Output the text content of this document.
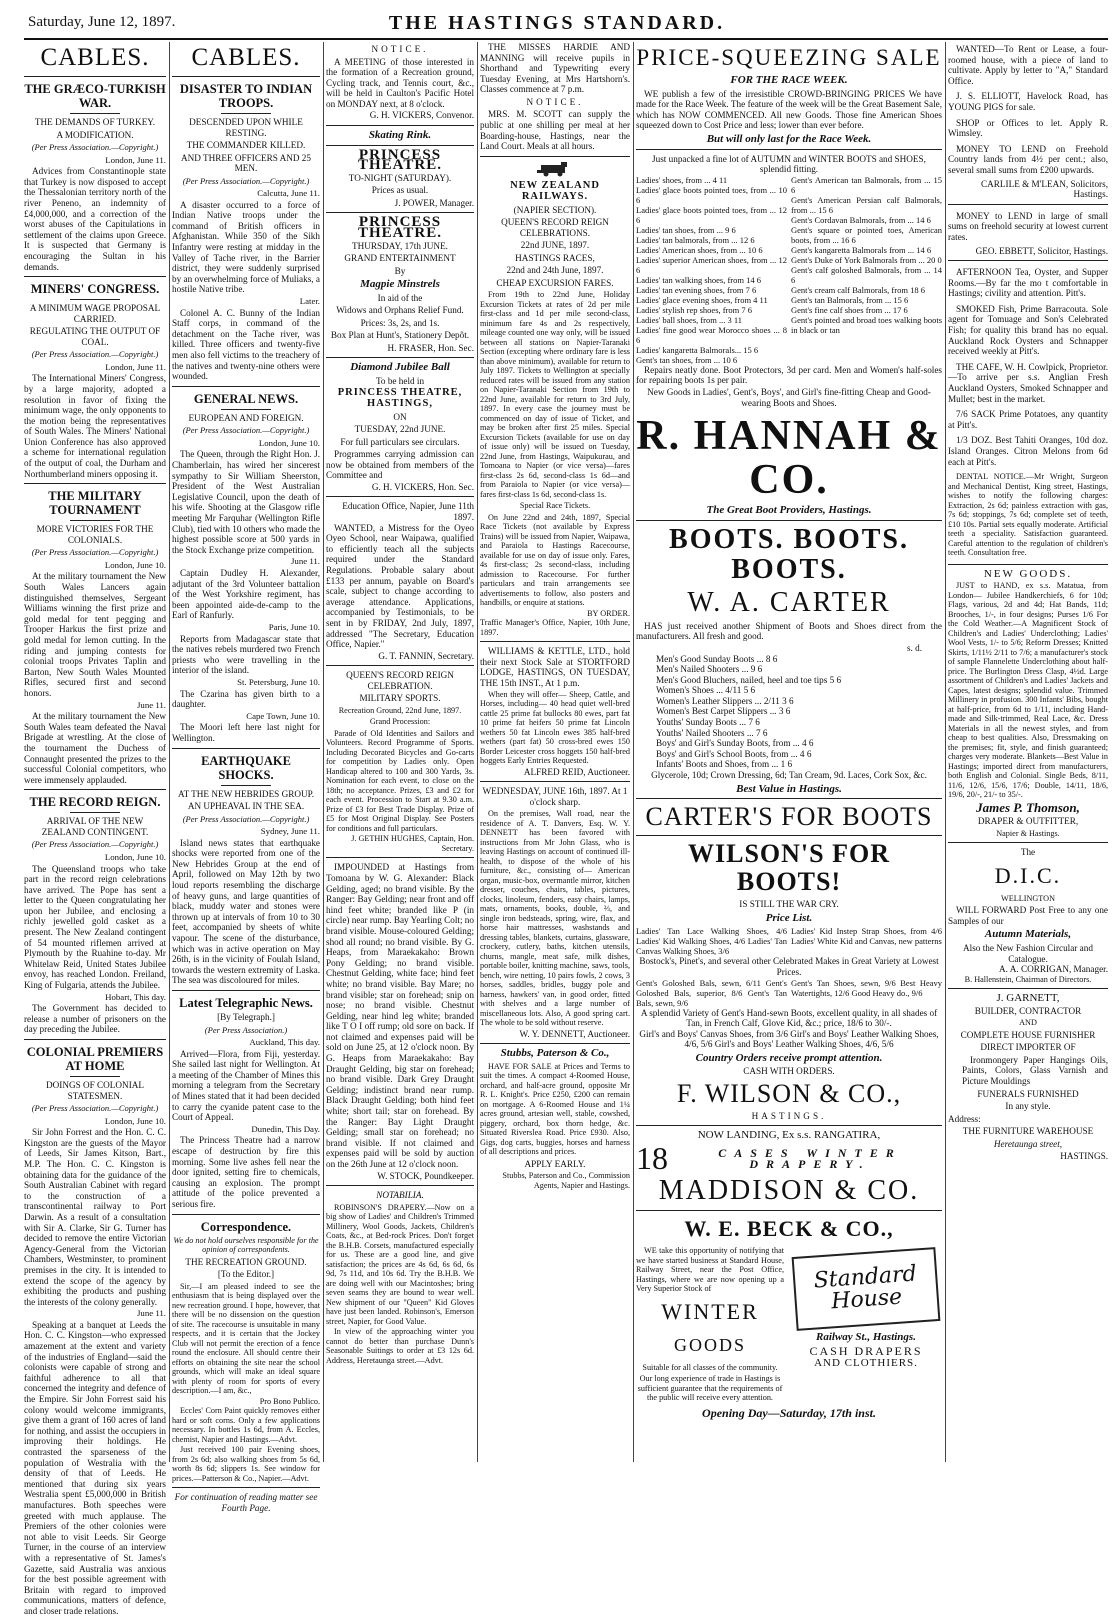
Saturday, June 12, 1897.	THE HASTINGS STANDARD.
CABLES.
THE GRÆCO-TURKISH WAR.
THE DEMANDS OF TURKEY.
A MODIFICATION.
(Per Press Association.—Copyright.)
London, June 11.
Advices from Constantinople state that Turkey is now disposed to accept the Thessalonian territory north of the river Peneno, an indemnity of £4,000,000, and a correction of the worst abuses of the Capitulations in settlement of the claims upon Greece. It is suspected that Germany is encouraging the Sultan in his demands.
MINERS' CONGRESS.
A MINIMUM WAGE PROPOSAL CARRIED.
REGULATING THE OUTPUT OF COAL.
(Per Press Association.—Copyright.)
London, June 11.
The International Miners' Congress, by a large majority, adopted a resolution in favor of fixing the minimum wage, the only opponents to the motion being the representatives of South Wales. The Miners' National Union Conference has also approved a scheme for international regulation of the output of coal, the Durham and Northumberland miners opposing it.
THE MILITARY TOURNAMENT
MORE VICTORIES FOR THE COLONIALS.
(Per Press Association.—Copyright.)
London, June 10.
At the military tournament the New South Wales Lancers again distinguished themselves, Sergeant Williams winning the first prize and gold medal for tent pegging and Trooper Harkus the first prize and gold medal for lemon cutting. In the riding and jumping contests for colonial troops Privates Taplin and Barton, New South Wales Mounted Rifles, secured first and second honors.
June 11.
At the military tournament the New South Wales team defeated the Naval Brigade at wrestling. At the close of the tournament the Duchess of Connaught presented the prizes to the successful Colonial competitors, who were immensely applauded.
THE RECORD REIGN.
ARRIVAL OF THE NEW ZEALAND CONTINGENT.
(Per Press Association.—Copyright.)
London, June 10.
The Queensland troops who take part in the record reign celebrations have arrived. The Pope has sent a letter to the Queen congratulating her upon her Jubilee, and enclosing a richly jewelled gold casket as a present. The New Zealand contingent of 54 mounted riflemen arrived at Plymouth by the Ruahine to-day. Mr Whitelaw Reid, United States Jubilee envoy, has reached London. Freiland, King of Fulgaria, attends the Jubilee.
Hobart, This day.
The Government has decided to release a number of prisoners on the day preceding the Jubilee.
COLONIAL PREMIERS AT HOME
DOINGS OF COLONIAL STATESMEN.
(Per Press Association.—Copyright.)
London, June 10.
Sir John Forrest and the Hon. C. C. Kingston are the guests of the Mayor of Leeds, Sir James Kitson, Bart., M.P. The Hon. C. C. Kingston is obtaining data for the guidance of the South Australian Cabinet with regard to the construction of a transcontinental railway to Port Darwin. As a result of a consultation with Sir A. Clarke, Sir G. Turner has decided to remove the entire Victorian Agency-General from the Victorian Chambers, Westminster, to prominent premises in the city. It is intended to extend the scope of the agency by exhibiting the products and pushing the interests of the colony generally.
June 11.
Speaking at a banquet at Leeds the Hon. C. C. Kingston—who expressed amazement at the extent and variety of the industries of England—said the colonists were capable of strong and faithful adherence to all that concerned the integrity and defence of the Empire. Sir John Forrest said his colony would welcome immigrants, give them a grant of 160 acres of land for nothing, and assist the occupiers in improving their holdings. He contrasted the sparseness of the population of Westralia with the density of that of Leeds. He mentioned that during six years Westralia spent £5,000,000 in British manufactures. Both speeches were greeted with much applause. The Premiers of the other colonies were not able to visit Leeds. Sir George Turner, in the course of an interview with a representative of St. James's Gazette, said Australia was anxious for the best possible agreement with Britain with regard to improved communications, matters of defence, and closer trade relations.
CABLES.
DISASTER TO INDIAN TROOPS.
DESCENDED UPON WHILE RESTING.
THE COMMANDER KILLED.
AND THREE OFFICERS AND 25 MEN.
(Per Press Association.—Copyright.)
Calcutta, June 11.
A disaster occurred to a force of Indian Native troops under the command of British officers in Afghanistan. While 350 of the Sikh Infantry were resting at midday in the Valley of Tache river, in the Barrier district, they were suddenly surprised by an overwhelming force of Muliaks, a hostile Native tribe.
Later.
Colonel A. C. Bunny of the Indian Staff corps, in command of the detachment on the Tache river, was killed. Three officers and twenty-five men also fell victims to the treachery of the natives and twenty-nine others were wounded.
GENERAL NEWS.
EUROPEAN AND FOREIGN.
(Per Press Association.—Copyright.)
London, June 10.
The Queen, through the Right Hon. J. Chamberlain, has wired her sincerest sympathy to Sir William Sheerston, President of the West Australian Legislative Council, upon the death of his wife. Shooting at the Glasgow rifle meeting Mr Farquhar (Wellington Rifle Club), tied with 10 others who made the highest possible score at 500 yards in the Stock Exchange prize competition.
June 11.
Captain Dudley H. Alexander, adjutant of the 3rd Volunteer battalion of the West Yorkshire regiment, has been appointed aide-de-camp to the Earl of Ranfurly.
Paris, June 10.
Reports from Madagascar state that the natives rebels murdered two French priests who were travelling in the interior of the island.
St. Petersburg, June 10.
The Czarina has given birth to a daughter.
Cape Town, June 10.
The Moori left here last night for Wellington.
EARTHQUAKE SHOCKS.
AT THE NEW HEBRIDES GROUP.
AN UPHEAVAL IN THE SEA.
(Per Press Association.—Copyright.)
Sydney, June 11.
Island news states that earthquake shocks were reported from one of the New Hebrides Group at the end of April, followed on May 12th by two loud reports resembling the discharge of heavy guns, and large quantities of black, muddy water and stones were thrown up at intervals of from 10 to 30 feet, accompanied by sheets of white vapour. The scene of the disturbance, which was in active operation on May 26th, is in the vicinity of Foulah Island, towards the western extremity of Laska. The sea was discoloured for miles.
Latest Telegraphic News.
[By Telegraph.]
(Per Press Association.)
Auckland, This day.
Arrived—Flora, from Fiji, yesterday. She sailed last night for Wellington. At a meeting of the Chamber of Mines this morning a telegram from the Secretary of Mines stated that it had been decided to carry the cyanide patent case to the Court of Appeal.
Dunedin, This Day.
The Princess Theatre had a narrow escape of destruction by fire this morning. Some live ashes fell near the door ignited, setting fire to chemicals, causing an explosion. The prompt attitude of the police prevented a serious fire.
Correspondence.
We do not hold ourselves responsible for the opinion of correspondents.
THE RECREATION GROUND.
[To the Editor.]
Sir,—I am pleased indeed to see the enthusiasm that is being displayed over the new recreation ground. I hope, however, that there will be no dissension on the question of site. The racecourse is unsuitable in many respects, and it is certain that the Jockey Club will not permit the erection of a fence round the enclosure. All should centre their efforts on obtaining the site near the school grounds, which will make an ideal square with plenty of room for sports of every description.—I am, &c.,
Pro Bono Publico.
Eccles' Corn Paint quickly removes either hard or soft corns. Only a few applications necessary. In bottles 1s 6d, from A. Eccles, chemist, Napier and Hastings.—Advt.
Just received 100 pair Evening shoes, from 2s 6d; also walking shoes from 5s 6d, worth 8s 6d; slippers 1s. See window for prices.—Patterson & Co., Napier.—Advt.
For continuation of reading matter see Fourth Page.
NOTICE.
A MEETING of those interested in the formation of a Recreation ground, Cycling track, and Tennis court, &c., will be held in Caulton's Pacific Hotel on MONDAY next, at 8 o'clock.
G. H. VICKERS, Convenor.
Skating Rink.
PRINCESS THEATRE.
TO-NIGHT (SATURDAY).
Prices as usual.
J. POWER, Manager.
PRINCESS THEATRE.
THURSDAY, 17th JUNE.
GRAND ENTERTAINMENT
By
Magpie Minstrels
In aid of the
Widows and Orphans Relief Fund.
Prices: 3s, 2s, and 1s.
Box Plan at Hunt's, Stationery Depôt.
H. FRASER, Hon. Sec.
Diamond Jubilee Ball
To be held in
PRINCESS THEATRE, HASTINGS,
ON
TUESDAY, 22nd JUNE.
For full particulars see circulars.
Programmes carrying admission can now be obtained from members of the Committee and
G. H. VICKERS, Hon. Sec.
Education Office, Napier, June 11th 1897.
WANTED, a Mistress for the Oyeo Oyeo School, near Waipawa, qualified to efficiently teach all the subjects required under the Standard Regulations. Probable salary about £133 per annum, payable on Board's scale, subject to change according to average attendance. Applications, accompanied by Testimonials, to be sent in by FRIDAY, 2nd July, 1897, addressed "The Secretary, Education Office, Napier."
G. T. FANNIN, Secretary.
QUEEN'S RECORD REIGN CELEBRATION.
MILITARY SPORTS.
Recreation Ground, 22nd June, 1897.
Grand Procession:
Parade of Old Identities and Sailors and Volunteers. Record Programme of Sports. Including Decorated Bicycles and Go-carts for competition by Ladies only. Open Handicap altered to 100 and 300 Yards, 3s. Nomination for each event, to close on the 18th; no acceptance. Prizes, £3 and £2 for each event. Procession to Start at 9.30 a.m. Prize of £3 for Best Trade Display. Prize of £5 for Most Original Display. See Posters for conditions and full particulars.
J. GETHIN HUGHES, Captain, Hon. Secretary.
IMPOUNDED at Hastings from Tomoana by W. G. Alexander: Black Gelding, aged; no brand visible. By the Ranger: Bay Gelding; near front and off hind feet white; branded like P (in circle) near rump. Bay Yearling Colt; no brand visible. Mouse-coloured Gelding; shod all round; no brand visible. By G. Heaps, from Maraekakaho: Brown Pony Gelding; no brand visible. Chestnut Gelding, white face; hind feet white; no brand visible. Bay Mare; no brand visible; star on forehead; snip on nose; no brand visible. Chestnut Gelding, near hind leg white; branded like T O I off rump; old sore on back. If not claimed and expenses paid will be sold on June 25, at 12 o'clock noon. By G. Heaps from Maraekakaho: Bay Draught Gelding, big star on forehead; no brand visible. Dark Grey Draught Gelding; indistinct brand near rump. Black Draught Gelding; both hind feet white; short tail; star on forehead. By the Ranger: Bay Light Draught Gelding; small star on forehead; no brand visible. If not claimed and expenses paid will be sold by auction on the 26th June at 12 o'clock noon.
W. STOCK, Poundkeeper.
NOTABILIA.
ROBINSON'S DRAPERY.—Now on a big show of Ladies' and Children's Trimmed Millinery, Wool Goods, Jackets, Children's Coats, &c., at Bed-rock Prices. Don't forget the B.H.B. Corsets, manufactured especially for us. These are a good line, and give satisfaction; the prices are 4s 6d, 6s 6d, 6s 9d, 7s 11d, and 10s 6d. Try the B.H.B. We are doing well with our Macintoshes; bring seven seams they are bound to wear well. New shipment of our "Queen" Kid Gloves have just been landed. Robinson's, Emerson street, Napier, for Good Value.
In view of the approaching winter you cannot do better than purchase Dunn's Seasonable Suitings to order at £3 12s 6d. Address, Heretaunga street.—Advt.
THE MISSES HARDIE AND MANNING will receive pupils in Shorthand and Typewriting every Tuesday Evening, at Mrs Hartshorn's. Classes commence at 7 p.m.
NOTICE.
MRS. M. SCOTT can supply the public at one shilling per meal at her Boarding-house, Hastings, near the Land Court. Meals at all hours.
NEW ZEALAND RAILWAYS.
(NAPIER SECTION).
QUEEN'S RECORD REIGN CELEBRATIONS.
22nd JUNE, 1897.
HASTINGS RACES,
22nd and 24th June, 1897.
CHEAP EXCURSION FARES.
From 19th to 22nd June, Holiday Excursion Tickets at rates of 2d per mile first-class and 1d per mile second-class, minimum fare 4s and 2s respectively, mileage counted one way only, will be issued between all stations on Napier-Taranaki Section (excepting where ordinary fare is less than above minimum), available for return to July 1897. Tickets to Wellington at specially reduced rates will be issued from any station on Napier-Taranaki Section from 19th to 22nd June, available for return to 3rd July, 1897. In every case the journey must be commenced on day of issue of Ticket, and may be broken after first 25 miles. Special Excursion Tickets (available for use on day of issue only) will be issued on Tuesday, 22nd June, from Hastings, Waipukurau, and Tomoana to Napier (or vice versa)—fares first-class 2s 6d, second-class 1s 6d—and from Paraiola to Napier (or vice versa)—fares first-class 1s 6d, second-class 1s.
Special Race Tickets.
On June 22nd and 24th, 1897, Special Race Tickets (not available by Express Trains) will be issued from Napier, Waipawa, and Paraiola to Hastings Racecourse, available for use on day of issue only. Fares, 4s first-class; 2s second-class, including admission to Racecourse. For further particulars and train arrangements see advertisements to follow, also posters and handbills, or enquire at stations.
BY ORDER.
Traffic Manager's Office, Napier, 10th June, 1897.
WILLIAMS & KETTLE, LTD., hold their next Stock Sale at STORTFORD LODGE, HASTINGS, ON TUESDAY, THE 15th INST., At 1 p.m.
When they will offer— Sheep, Cattle, and Horses, including— 40 head quiet well-bred cattle 25 prime fat bullocks 80 ewes, part fat 10 prime fat heifers 50 prime fat Lincoln wethers 50 fat Lincoln ewes 385 half-bred wethers (part fat) 50 cross-bred ewes 150 Border Leicester cross hoggets 150 half-bred hoggets Early Entries Requested.
ALFRED REID, Auctioneer.
WEDNESDAY, JUNE 16th, 1897. At 1 o'clock sharp.
On the premises, Wall road, near the residence of A. T. Danvers, Esq. W. Y. DENNETT has been favored with instructions from Mr John Glass, who is leaving Hastings on account of continued ill-health, to dispose of the whole of his furniture, &c., consisting of— American organ, music-box, overmantle mirror, kitchen dresser, couches, chairs, tables, pictures, clocks, linoleum, fenders, easy chairs, lamps, mats, ornaments, books, double, ⅔, and single iron bedsteads, spring, wire, flax, and horse hair mattresses, washstands and dressing tables, blankets, curtains, glassware, crockery, cutlery, baths, kitchen utensils, churns, mangle, meat safe, milk dishes, portable boiler, knitting machine, saws, tools, bench, wire netting, 10 pairs fowls, 2 cows, 3 horses, saddles, bridles, buggy pole and harness, hawkers' van, in good order, fitted with shelves and a large number of miscellaneous lots. Also, A good spring cart. The whole to be sold without reserve.
W. Y. DENNETT, Auctioneer.
Stubbs, Paterson & Co.,
HAVE FOR SALE at Prices and Terms to suit the times. A compact 4-Roomed House, orchard, and half-acre ground, opposite Mr R. L. Knight's. Price £250, £200 can remain on mortgage. A 6-Roomed House and 1¼ acres ground, artesian well, stable, cowshed, piggery, orchard, box thorn hedge, &c. Situated Riverslea Road. Price £930. Also, Gigs, dog carts, buggies, horses and harness of all descriptions and prices.
APPLY EARLY.
Stubbs, Paterson and Co., Commission Agents, Napier and Hastings.
PRICE-SQUEEZING SALE
FOR THE RACE WEEK.
WE publish a few of the irresistible CROWD-BRINGING PRICES We have made for the Race Week. The feature of the week will be the Great Basement Sale, which has NOW COMMENCED. All new Goods. Those fine American Shoes squeezed down to Cost Price and less; lower than ever before.
But will only last for the Race Week.
Just unpacked a fine lot of AUTUMN and WINTER BOOTS and SHOES, splendid fitting.
Ladies' shoes, from ... 4 11
Ladies' glace boots pointed toes, from ... 10 6
Ladies' glace boots pointed toes, from ... 12 6
Ladies' tan shoes, from ... 9 6
Ladies' tan balmorals, from ... 12 6
Ladies' American shoes, from ... 10 6
Ladies' superior American shoes, from ... 12 6
Ladies' tan walking shoes, from 14 6
Ladies' tan evening shoes, from 7 6
Ladies' glace evening shoes, from 4 11
Ladies' stylish rep shoes, from 7 6
Ladies' ball shoes, from ... 3 11
Ladies' fine good wear Morocco shoes ... 8 6
Ladies' kangaretta Balmorals... 15 6
Gent's tan shoes, from ... 10 6
Gent's American tan Balmorals, from ... 15 6
Gent's American Persian calf Balmorals, from ... 15 6
Gent's Cordavan Balmorals, from ... 14 6
Gent's square or pointed toes, American boots, from ... 16 6
Gent's kangaretta Balmorals from ... 14 6
Gent's Duke of York Balmorals from ... 20 0
Gent's calf goloshed Balmorals, from ... 14 6
Gent's cream calf Balmorals, from 18 6
Gent's tan Balmorals, from ... 15 6
Gent's fine calf shoes from ... 17 6
Gent's pointed and broad toes walking boots in black or tan
Repairs neatly done. Boot Protectors, 3d per card. Men and Women's half-soles for repairing boots 1s per pair.
New Goods in Ladies', Gent's, Boys', and Girl's fine-fitting Cheap and Good-wearing Boots and Shoes.
R. HANNAH & CO.
The Great Boot Providers, Hastings.
BOOTS. BOOTS. BOOTS.
W. A. CARTER
HAS just received another Shipment of Boots and Shoes direct from the manufacturers. All fresh and good.
s. d.
Men's Good Sunday Boots ... 8 6
Men's Nailed Shooters ... 9 6
Men's Good Bluchers, nailed, heel and toe tips 5 6
Women's Shoes ... 4/11 5 6
Women's Leather Slippers ... 2/11 3 6
Women's Best Carpet Slippers ... 3 6
Youths' Sunday Boots ... 7 6
Youths' Nailed Shooters ... 7 6
Boys' and Girl's Sunday Boots, from ... 4 6
Boys' and Girl's School Boots, from ... 4 6
Infants' Boots and Shoes, from ... 1 6
Glycerole, 10d; Crown Dressing, 6d; Tan Cream, 9d. Laces, Cork Sox, &c.
Best Value in Hastings.
CARTER'S FOR BOOTS
WILSON'S FOR BOOTS!
IS STILL THE WAR CRY.
Price List.
Ladies' Tan Lace Walking Shoes, 4/6 Ladies' Kid Walking Shoes, 4/6 Ladies' Tan Canvas Walking Shoes, 3/6
Ladies' Kid Instep Strap Shoes, from 4/6 Ladies' White Kid and Canvas, new patterns
Bostock's, Pinet's, and several other Celebrated Makes in Great Variety at Lowest Prices.
Gent's Goloshed Bals, sewn, 6/11 Gent's Goloshed Bals, superior, 8/6 Gent's Tan Bals, sewn, 9/6
Gent's Tan Shoes, sewn, 9/6 Best Heavy Watertights, 12/6 Good Heavy do., 9/6
A splendid Variety of Gent's Hand-sewn Boots, excellent quality, in all shades of Tan, in French Calf, Glove Kid, &c.; price, 18/6 to 30/-.
Girl's and Boys' Canvas Shoes, from 3/6 Girl's and Boys' Leather Walking Shoes, 4/6, 5/6 Girl's and Boys' Leather Walking Shoes, 4/6, 5/6
Country Orders receive prompt attention.
CASH WITH ORDERS.
F. WILSON & CO.,
HASTINGS.
NOW LANDING, Ex s.s. RANGATIRA,
18	CASES WINTER DRAPERY.
MADDISON & CO.
W. E. BECK & CO.,
WE take this opportunity of notifying that we have started business at Standard House, Railway Street, near the Post Office, Hastings, where we are now opening up a Very Superior Stock of
WINTER
GOODS
Suitable for all classes of the community.
Our long experience of trade in Hastings is sufficient guarantee that the requirements of the public will receive every attention.
Standard House
Railway St., Hastings.
CASH DRAPERS
AND CLOTHIERS.
Opening Day—Saturday, 17th inst.
WANTED—To Rent or Lease, a four-roomed house, with a piece of land to cultivate. Apply by letter to "A," Standard Office.
J. S. ELLIOTT, Havelock Road, has YOUNG PIGS for sale.
SHOP or Offices to let. Apply R. Wimsley.
MONEY TO LEND on Freehold Country lands from 4½ per cent.; also, several small sums from £200 upwards.
CARLILE & M'LEAN, Solicitors, Hastings.
MONEY to LEND in large of small sums on freehold security at lowest current rates.
GEO. EBBETT, Solicitor, Hastings.
AFTERNOON Tea, Oyster, and Supper Rooms.—By far the mo t comfortable in Hastings; civility and attention. Pitt's.
SMOKED Fish, Prime Barracouta. Sole agent for Tomuage and Son's Celebrated Fish; for quality this brand has no equal. Auckland Rock Oysters and Schnapper received weekly at Pitt's.
THE CAFE, W. H. Cowlpick, Proprietor.—To arrive per s.s. Anglian Fresh Auckland Oysters, Smoked Schnapper and Mullet; best in the market.
7/6 SACK Prime Potatoes, any quantity at Pitt's.
1/3 DOZ. Best Tahiti Oranges, 10d doz. Island Oranges. Citron Melons from 6d each at Pitt's.
DENTAL NOTICE.—Mr Wright, Surgeon and Mechanical Dentist, King street, Hastings, wishes to notify the following charges: Extraction, 2s 6d; painless extraction with gas, 7s 6d; stoppings, 7s 6d; complete set of teeth, £10 10s. Partial sets equally moderate. Artificial teeth a speciality. Satisfaction guaranteed. Careful attention to the regulation of children's teeth. Consultation free.
NEW GOODS.
JUST to HAND, ex s.s. Matatua, from London— Jubilee Handkerchiefs, 6 for 10d; Flags, various, 2d and 4d; Hat Bands, 11d; Brooches, 1/-, in four designs; Purses 1/6 For the Cold Weather.—A Magnificent Stock of Children's and Ladies' Underclothing; Ladies' Wool Vests, 1/- to 5/6; Reform Dresses; Knitted Skirts, 1/11½ 2/11 to 7/6; a manufacturer's stock of sample Flannelette Underclothing about half-price. The Burlington Dress Clasp, 4½d. Large assortment of Children's and Ladies' Jackets and Capes, latest designs; splendid value. Trimmed Millinery in profusion. 300 Infants' Bibs, bought at half-price, from 6d to 1/11, including Hand-made and Silk-trimmed, Real Lace, &c. Dress Materials in all the newest styles, and from cheap to best qualities. Also, Dressmaking on the premises; fit, style, and finish guaranteed; charges very moderate. Blankets—Best Value in Hastings; imported direct from manufacturers, both English and Colonial. Single Beds, 8/11, 11/6, 12/6, 15/6, 17/6; Double, 14/11, 18/6, 19/6, 20/-, 21/- to 35/-.
James P. Thomson,
DRAPER & OUTFITTER,
Napier & Hastings.
The
D.I.C.
WELLINGTON
WILL FORWARD Post Free to any one Samples of our
Autumn Materials,
Also the New Fashion Circular and Catalogue.
A. A. CORRIGAN, Manager.
B. Hallenstein, Chairman of Directors.
J. GARNETT,
BUILDER, CONTRACTOR
AND
COMPLETE HOUSE FURNISHER
DIRECT IMPORTER OF
Ironmongery Paper Hangings Oils, Paints, Colors, Glass Varnish and Picture Mouldings
FUNERALS FURNISHED
In any style.
Address:
THE FURNITURE WAREHOUSE
Heretaunga street,
HASTINGS.
